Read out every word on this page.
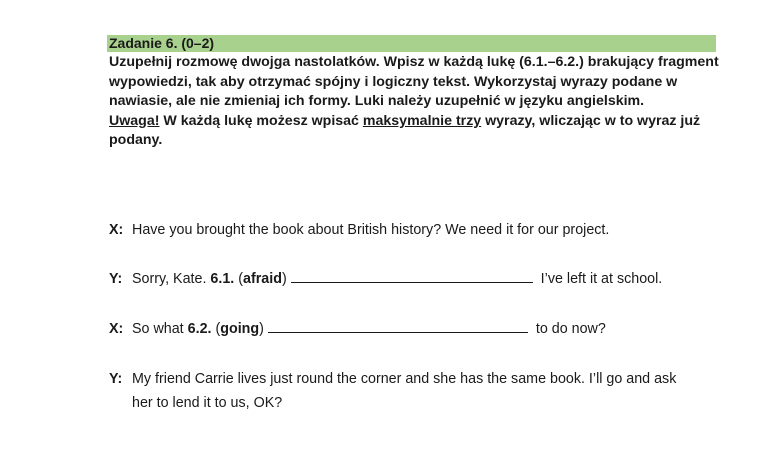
Zadanie 6. (0–2)

Uzupełnij rozmowę dwojga nastolatków. Wpisz w każdą lukę (6.1.–6.2.) brakujący fragment wypowiedzi, tak aby otrzymać spójny i logiczny tekst. Wykorzystaj wyrazy podane w nawiasie, ale nie zmieniaj ich formy. Luki należy uzupełnić w języku angielskim.

Uwaga! W każdą lukę możesz wpisać maksymalnie trzy wyrazy, wliczając w to wyraz już podany.

X: Have you brought the book about British history? We need it for our project.
Y: Sorry, Kate. 6.1. (afraid)	I’ve left it at school.
X: So what 6.2. (going)	to do now?
Y: My friend Carrie lives just round the corner and she has the same book. I’ll go and ask
her to lend it to us, OK?
